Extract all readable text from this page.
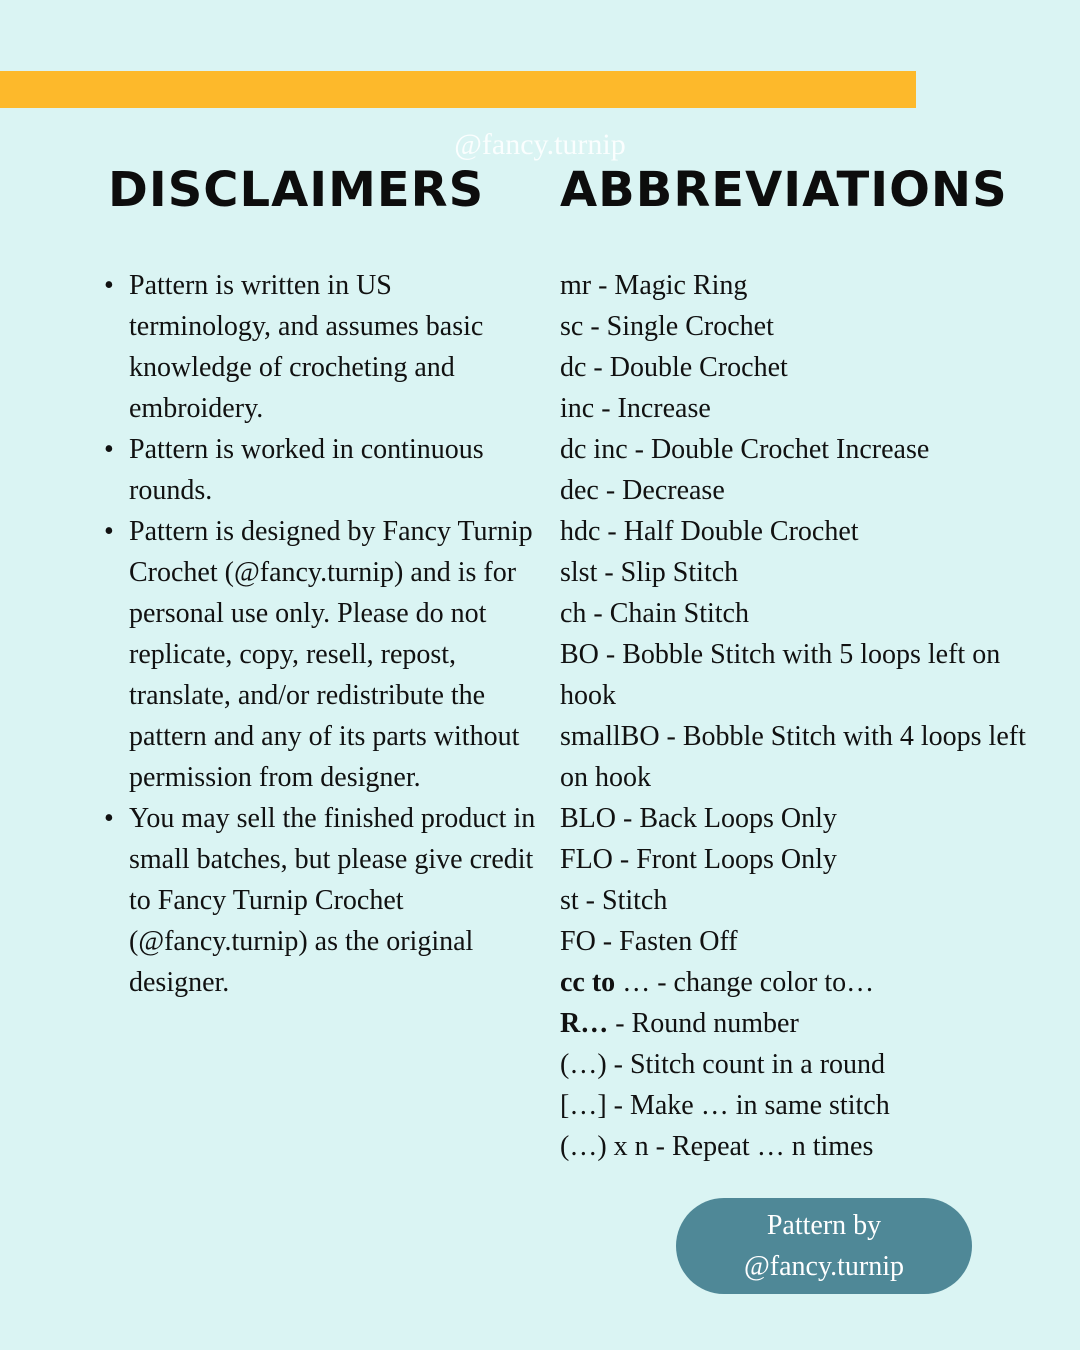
@fancy.turnip
DISCLAIMERS ABBREVIATIONS
• Pattern is written in US terminology, and assumes basic knowledge of crocheting and embroidery.
• Pattern is worked in continuous rounds.
• Pattern is designed by Fancy Turnip Crochet (@fancy.turnip) and is for personal use only. Please do not replicate, copy, resell, repost, translate, and/or redistribute the pattern and any of its parts without permission from designer.
• You may sell the finished product in small batches, but please give credit to Fancy Turnip Crochet (@fancy.turnip) as the original designer.
mr - Magic Ring
sc - Single Crochet
dc - Double Crochet
inc - Increase
dc inc - Double Crochet Increase
dec - Decrease
hdc - Half Double Crochet
slst - Slip Stitch
ch - Chain Stitch
BO - Bobble Stitch with 5 loops left on hook
smallBO - Bobble Stitch with 4 loops left on hook
BLO - Back Loops Only
FLO - Front Loops Only
st - Stitch
FO - Fasten Off
cc to … - change color to…
R… - Round number
(…) - Stitch count in a round
[…] - Make … in same stitch
(…) x n - Repeat … n times
Pattern by
@fancy.turnip
